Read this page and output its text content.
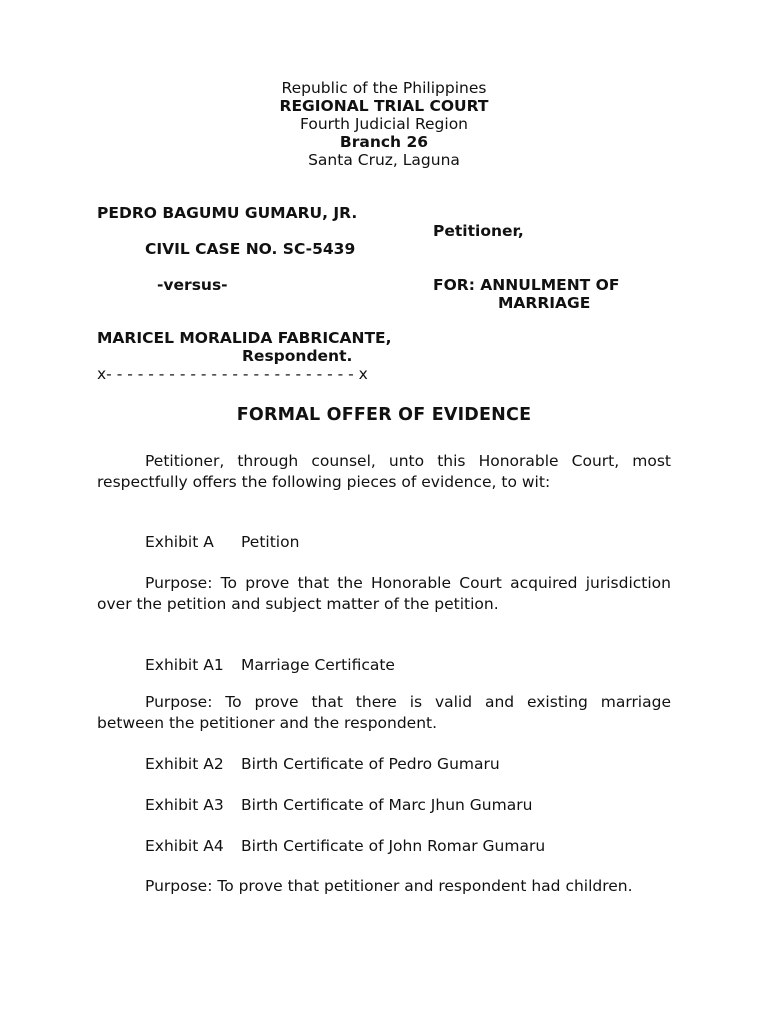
Republic of the Philippines
REGIONAL TRIAL COURT
Fourth Judicial Region
Branch 26
Santa Cruz, Laguna
PEDRO BAGUMU GUMARU, JR.
Petitioner,
CIVIL CASE NO. SC-5439
-versus-	FOR: ANNULMENT OF
MARRIAGE
MARICEL MORALIDA FABRICANTE,
Respondent.
x- - - - - - - - - - - - - - - - - - - - - - - - x
FORMAL OFFER OF EVIDENCE
Petitioner, through counsel, unto this Honorable Court, most respectfully offers the following pieces of evidence, to wit:
Exhibit A Petition
Purpose: To prove that the Honorable Court acquired jurisdiction over the petition and subject matter of the petition.
Exhibit A1 Marriage Certificate
Purpose: To prove that there is valid and existing marriage between the petitioner and the respondent.
Exhibit A2 Birth Certificate of Pedro Gumaru
Exhibit A3 Birth Certificate of Marc Jhun Gumaru
Exhibit A4 Birth Certificate of John Romar Gumaru
Purpose: To prove that petitioner and respondent had children.
